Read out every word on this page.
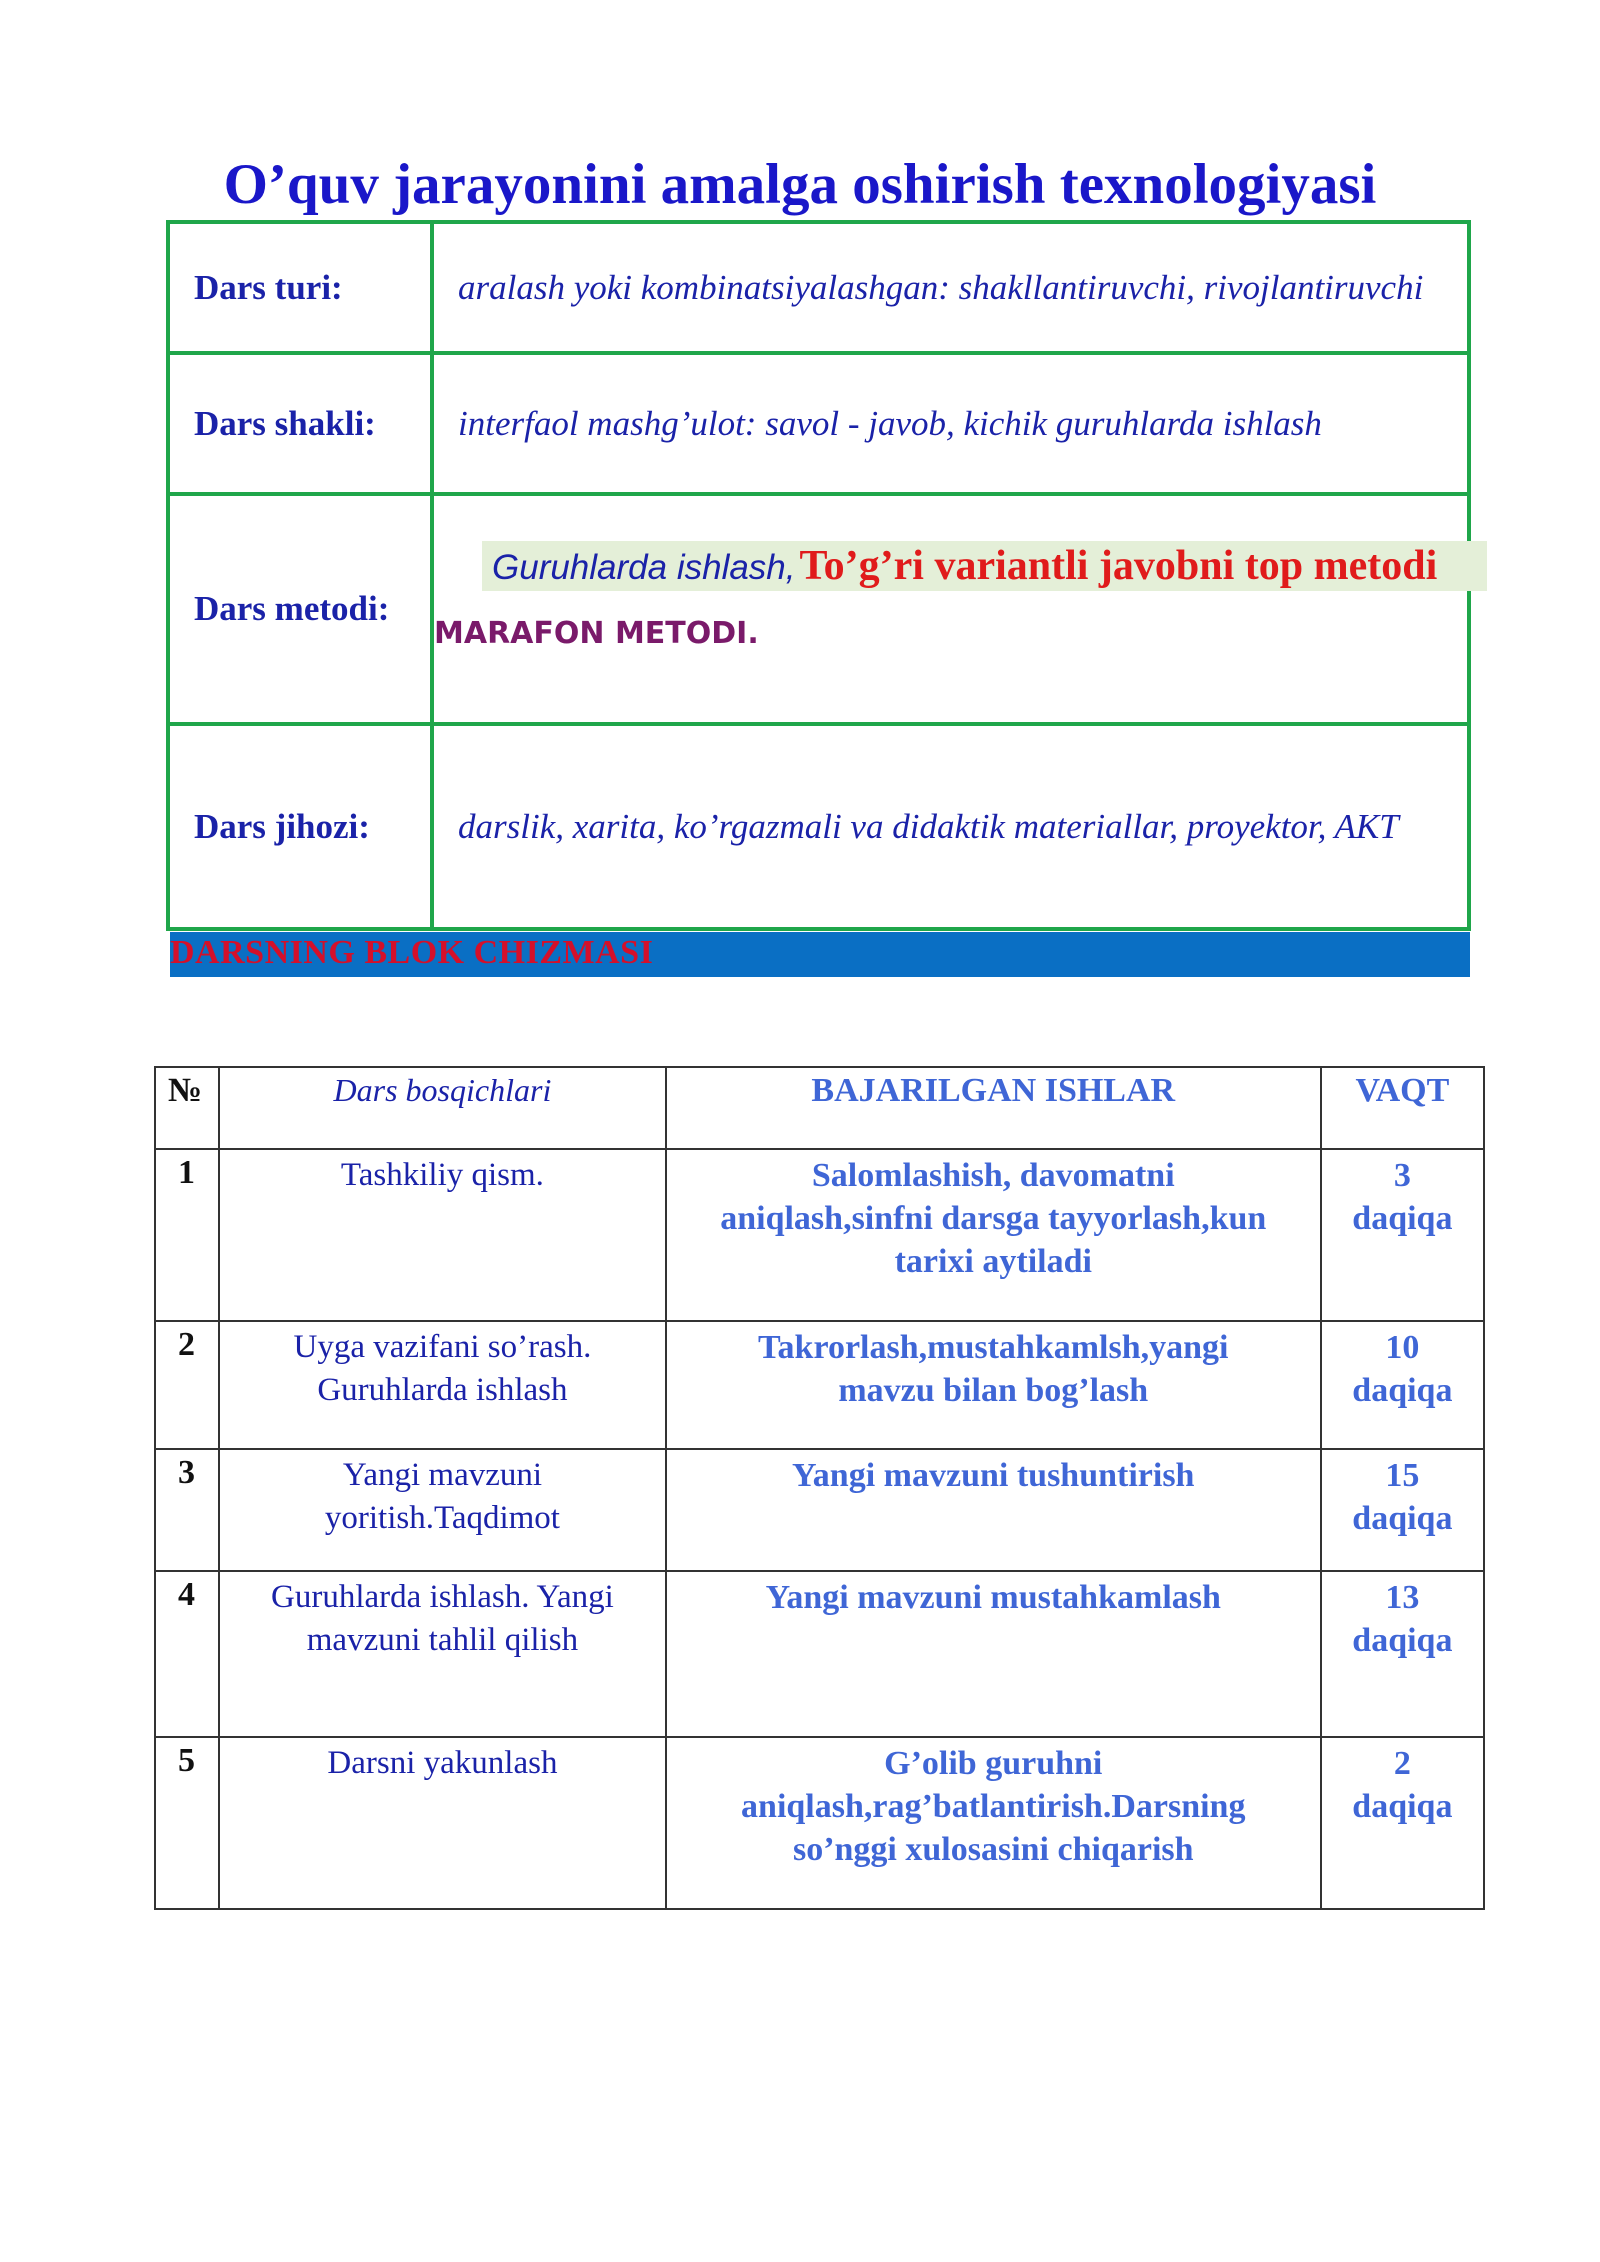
O’quv jarayonini amalga oshirish texnologiyasi
Dars turi:	aralash yoki kombinatsiyalashgan: shakllantiruvchi, rivojlantiruvchi
Dars shakli:	interfaol mashg’ulot: savol - javob, kichik guruhlarda ishlash
Dars metodi:	Guruhlarda ishlash, To’g’ri variantli javobni top metodi
MARAFON METODI.

Dars jihozi:	darslik, xarita, ko’rgazmali va didaktik materiallar, proyektor, AKT
DARSNING BLOK CHIZMASI
№	Dars bosqichlari	BAJARILGAN ISHLAR	VAQT
1	Tashkiliy qism.	Salomlashish, davomatni
aniqlash,sinfni darsga tayyorlash,kun
tarixi aytiladi	3
daqiqa

2	Uyga vazifani so’rash.
Guruhlarda ishlash	Takrorlash,mustahkamlsh,yangi
mavzu bilan bog’lash	10
daqiqa

3	Yangi mavzuni
yoritish.Taqdimot	Yangi mavzuni tushuntirish	15
daqiqa

4	Guruhlarda ishlash. Yangi
mavzuni tahlil qilish	Yangi mavzuni mustahkamlash	13
daqiqa

5	Darsni yakunlash	G’olib guruhni
aniqlash,rag’batlantirish.Darsning
so’nggi xulosasini chiqarish	2
daqiqa
